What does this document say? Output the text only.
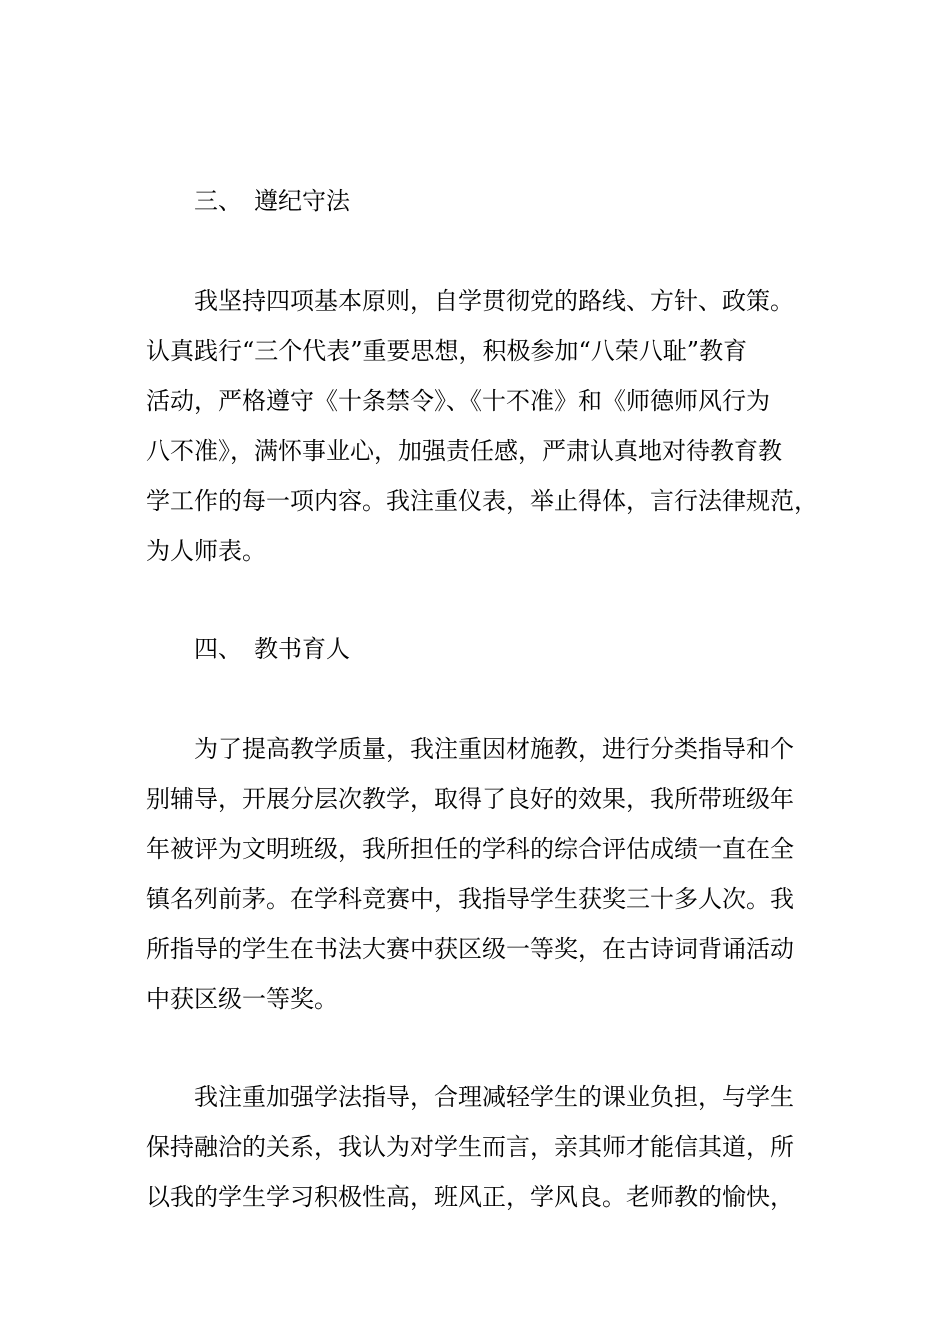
三、 遵纪守法
我坚持四项基本原则，自学贯彻党的路线、方针、政策。
认真践行“三个代表”重要思想，积极参加“八荣八耻”教育
活动，严格遵守《十条禁令》、《十不准》和《师德师风行为
八不准》，满怀事业心，加强责任感，严肃认真地对待教育教
学工作的每一项内容。我注重仪表，举止得体，言行法律规范，
为人师表。
四、 教书育人
为了提高教学质量，我注重因材施教，进行分类指导和个
别辅导，开展分层次教学，取得了良好的效果，我所带班级年
年被评为文明班级，我所担任的学科的综合评估成绩一直在全
镇名列前茅。在学科竞赛中，我指导学生获奖三十多人次。我
所指导的学生在书法大赛中获区级一等奖，在古诗词背诵活动
中获区级一等奖。
我注重加强学法指导，合理减轻学生的课业负担，与学生
保持融洽的关系，我认为对学生而言，亲其师才能信其道，所
以我的学生学习积极性高，班风正，学风良。老师教的愉快，
